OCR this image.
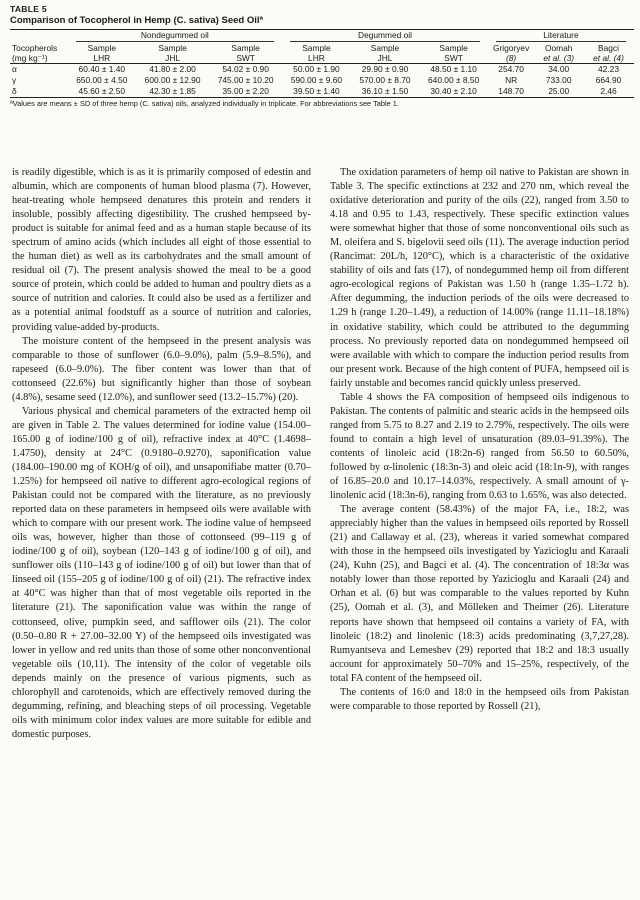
TABLE 5
Comparison of Tocopherol in Hemp (C. sativa) Seed Oilª

	Nondegummed oil			Degummed oil			Literature		

Tocopherols	Sample	Sample	Sample	Sample	Sample	Sample	Grigoryev	Oomah	Bagci
(mg kg⁻¹)	LHR	JHL	SWT	LHR	JHL	SWT	(8)	et al. (3)	et al. (4)

α	60.40 ± 1.40	41.80 ± 2.00	54.02 ± 0.90	50.00 ± 1.90	29.90 ± 0.90	48.50 ± 1.10	254.70	34.00	42.23
γ	650.00 ± 4.50	600.00 ± 12.90	745.00 ± 10.20	590.00 ± 9.60	570.00 ± 8.70	640.00 ± 8.50	NR	733.00	664.90
δ	45.60 ± 2.50	42.30 ± 1.85	35.00 ± 2.20	39.50 ± 1.40	36.10 ± 1.50	30.40 ± 2.10	148.70	25.00	2.46
ªValues are means ± SD of three hemp (C. sativa) oils, analyzed individually in triplicate. For abbreviations see Table 1.

is readily digestible, which is as it is primarily composed of edestin and albumin, which are components of human blood plasma (7). However, heat-treating whole hempseed denatures this protein and renders it insoluble, possibly affecting digestibility. The crushed hempseed by-product is suitable for animal feed and as a human staple because of its spectrum of amino acids (which includes all eight of those essential to the human diet) as well as its carbohydrates and the small amount of residual oil (7). The present analysis showed the meal to be a good source of protein, which could be added to human and poultry diets as a source of nutrition and calories. It could also be used as a fertilizer and as a potential animal foodstuff as a source of nutrition and calories, providing value-added by-products.

The moisture content of the hempseed in the present analysis was comparable to those of sunflower (6.0–9.0%), palm (5.9–8.5%), and rapeseed (6.0–9.0%). The fiber content was lower than that of cottonseed (22.6%) but significantly higher than those of soybean (4.8%), sesame seed (12.0%), and sunflower seed (13.2–15.7%) (20).

Various physical and chemical parameters of the extracted hemp oil are given in Table 2. The values determined for iodine value (154.00–165.00 g of iodine/100 g of oil), refractive index at 40°C (1.4698–1.4750), density at 24°C (0.9180–0.9270), saponification value (184.00–190.00 mg of KOH/g of oil), and unsaponifiabe matter (0.70–1.25%) for hempseed oil native to different agro-ecological regions of Pakistan could not be compared with the literature, as no previously reported data on these parameters in hempseed oils were available with which to compare with our present work. The iodine value of hempseed oils was, however, higher than those of cottonseed (99–119 g of iodine/100 g of oil), soybean (120–143 g of iodine/100 g of oil), and sunflower oils (110–143 g of iodine/100 g of oil) but lower than that of linseed oil (155–205 g of iodine/100 g of oil) (21). The refractive index at 40°C was higher than that of most vegetable oils reported in the literature (21). The saponification value was within the range of cottonseed, olive, pumpkin seed, and safflower oils (21). The color (0.50–0.80 R + 27.00–32.00 Y) of the hempseed oils investigated was lower in yellow and red units than those of some other nonconventional vegetable oils (10,11). The intensity of the color of vegetable oils depends mainly on the presence of various pigments, such as chlorophyll and carotenoids, which are effectively removed during the degumming, refining, and bleaching steps of oil processing. Vegetable oils with minimum color index values are more suitable for edible and domestic purposes.

The oxidation parameters of hemp oil native to Pakistan are shown in Table 3. The specific extinctions at 232 and 270 nm, which reveal the oxidative deterioration and purity of the oils (22), ranged from 3.50 to 4.18 and 0.95 to 1.43, respectively. These specific extinction values were somewhat higher that those of some nonconventional oils such as M. oleifera and S. bigelovii seed oils (11). The average induction period (Rancimat: 20L/h, 120°C), which is a characteristic of the oxidative stability of oils and fats (17), of nondegummed hemp oil from different agro-ecological regions of Pakistan was 1.50 h (range 1.35–1.72 h). After degumming, the induction periods of the oils were decreased to 1.29 h (range 1.20–1.49), a reduction of 14.00% (range 11.11–18.18%) in oxidative stability, which could be attributed to the degumming process. No previously reported data on nondegummed hempseed oil were available with which to compare the induction period results from our present work. Because of the high content of PUFA, hempseed oil is fairly unstable and becomes rancid quickly unless preserved.

Table 4 shows the FA composition of hempseed oils indigenous to Pakistan. The contents of palmitic and stearic acids in the hempseed oils ranged from 5.75 to 8.27 and 2.19 to 2.79%, respectively. The oils were found to contain a high level of unsaturation (89.03–91.39%). The contents of linoleic acid (18:2n-6) ranged from 56.50 to 60.50%, followed by α-linolenic (18:3n-3) and oleic acid (18:1n-9), with ranges of 16.85–20.0 and 10.17–14.03%, respectively. A small amount of γ-linolenic acid (18:3n-6), ranging from 0.63 to 1.65%, was also detected.

The average content (58.43%) of the major FA, i.e., 18:2, was appreciably higher than the values in hempseed oils reported by Rossell (21) and Callaway et al. (23), whereas it varied somewhat compared with those in the hempseed oils investigated by Yazicioglu and Karaali (24), Kuhn (25), and Bagci et al. (4). The concentration of 18:3α was notably lower than those reported by Yazicioglu and Karaali (24) and Orhan et al. (6) but was comparable to the values reported by Kuhn (25), Oomah et al. (3), and Mölleken and Theimer (26). Literature reports have shown that hempseed oil contains a variety of FA, with linoleic (18:2) and linolenic (18:3) acids predominating (3,7,27,28). Rumyantseva and Lemeshev (29) reported that 18:2 and 18:3 usually account for approximately 50–70% and 15–25%, respectively, of the total FA content of the hempseed oil.

The contents of 16:0 and 18:0 in the hempseed oils from Pakistan were comparable to those reported by Rossell (21),
